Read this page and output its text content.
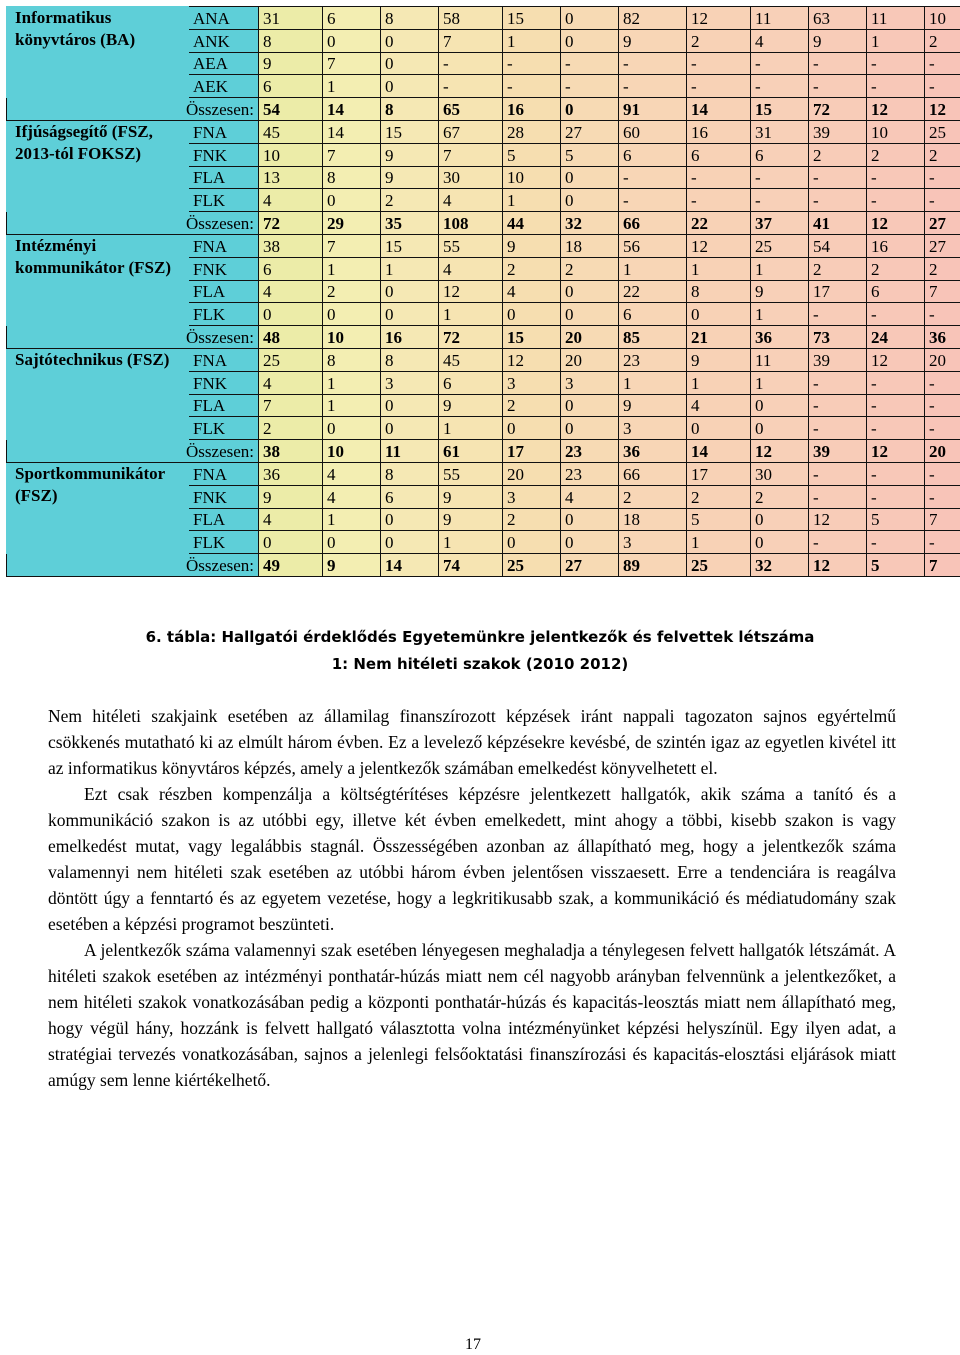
Informatikus könyvtáros (BA)	ANA	31	6	8	58	15	0	82	12	11	63	11	10
	ANK	8	0	0	7	1	0	9	2	4	9	1	2
	AEA	9	7	0	-	-	-	-	-	-	-	-	-
	AEK	6	1	0	-	-	-	-	-	-	-	-	-
Összesen:		54	14	8	65	16	0	91	14	15	72	12	12
Ifjúságsegítő (FSZ, 2013-tól FOKSZ)	FNA	45	14	15	67	28	27	60	16	31	39	10	25
	FNK	10	7	9	7	5	5	6	6	6	2	2	2
	FLA	13	8	9	30	10	0	-	-	-	-	-	-
	FLK	4	0	2	4	1	0	-	-	-	-	-	-
Összesen:		72	29	35	108	44	32	66	22	37	41	12	27
Intézményi kommunikátor (FSZ)	FNA	38	7	15	55	9	18	56	12	25	54	16	27
	FNK	6	1	1	4	2	2	1	1	1	2	2	2
	FLA	4	2	0	12	4	0	22	8	9	17	6	7
	FLK	0	0	0	1	0	0	6	0	1	-	-	-
Összesen:		48	10	16	72	15	20	85	21	36	73	24	36
Sajtótechnikus (FSZ)	FNA	25	8	8	45	12	20	23	9	11	39	12	20
	FNK	4	1	3	6	3	3	1	1	1	-	-	-
	FLA	7	1	0	9	2	0	9	4	0	-	-	-
	FLK	2	0	0	1	0	0	3	0	0	-	-	-
Összesen:		38	10	11	61	17	23	36	14	12	39	12	20
Sportkommunikátor (FSZ)	FNA	36	4	8	55	20	23	66	17	30	-	-	-
	FNK	9	4	6	9	3	4	2	2	2	-	-	-
	FLA	4	1	0	9	2	0	18	5	0	12	5	7
	FLK	0	0	0	1	0	0	3	1	0	-	-	-
Összesen:		49	9	14	74	25	27	89	25	32	12	5	7
6. tábla: Hallgatói érdeklődés Egyetemünkre jelentkezők és felvettek létszáma
1: Nem hitéleti szakok (2010 2012)

Nem hitéleti szakjaink esetében az államilag finanszírozott képzések iránt nappali tagozaton sajnos egyértelmű csökkenés mutatható ki az elmúlt három évben. Ez a levelező képzésekre kevésbé, de szintén igaz az egyetlen kivétel itt az informatikus könyvtáros képzés, amely a jelentkezők számában emelkedést könyvelhetett el.

Ezt csak részben kompenzálja a költségtérítéses képzésre jelentkezett hallgatók, akik száma a tanító és a kommunikáció szakon is az utóbbi egy, illetve két évben emelkedett, mint ahogy a többi, kisebb szakon is vagy emelkedést mutat, vagy legalábbis stagnál. Összességében azonban az állapítható meg, hogy a jelentkezők száma valamennyi nem hitéleti szak esetében az utóbbi három évben jelentősen visszaesett. Erre a tendenciára is reagálva döntött úgy a fenntartó és az egyetem vezetése, hogy a legkritikusabb szak, a kommunikáció és médiatudomány szak esetében a képzési programot beszünteti.

A jelentkezők száma valamennyi szak esetében lényegesen meghaladja a ténylegesen felvett hallgatók létszámát. A hitéleti szakok esetében az intézményi ponthatár-húzás miatt nem cél nagyobb arányban felvennünk a jelentkezőket, a nem hitéleti szakok vonatkozásában pedig a központi ponthatár-húzás és kapacitás-leosztás miatt nem állapítható meg, hogy végül hány, hozzánk is felvett hallgató választotta volna intézményünket képzési helyszínül. Egy ilyen adat, a stratégiai tervezés vonatkozásában, sajnos a jelenlegi felsőoktatási finanszírozási és kapacitás-elosztási eljárások miatt amúgy sem lenne kiértékelhető.

17
